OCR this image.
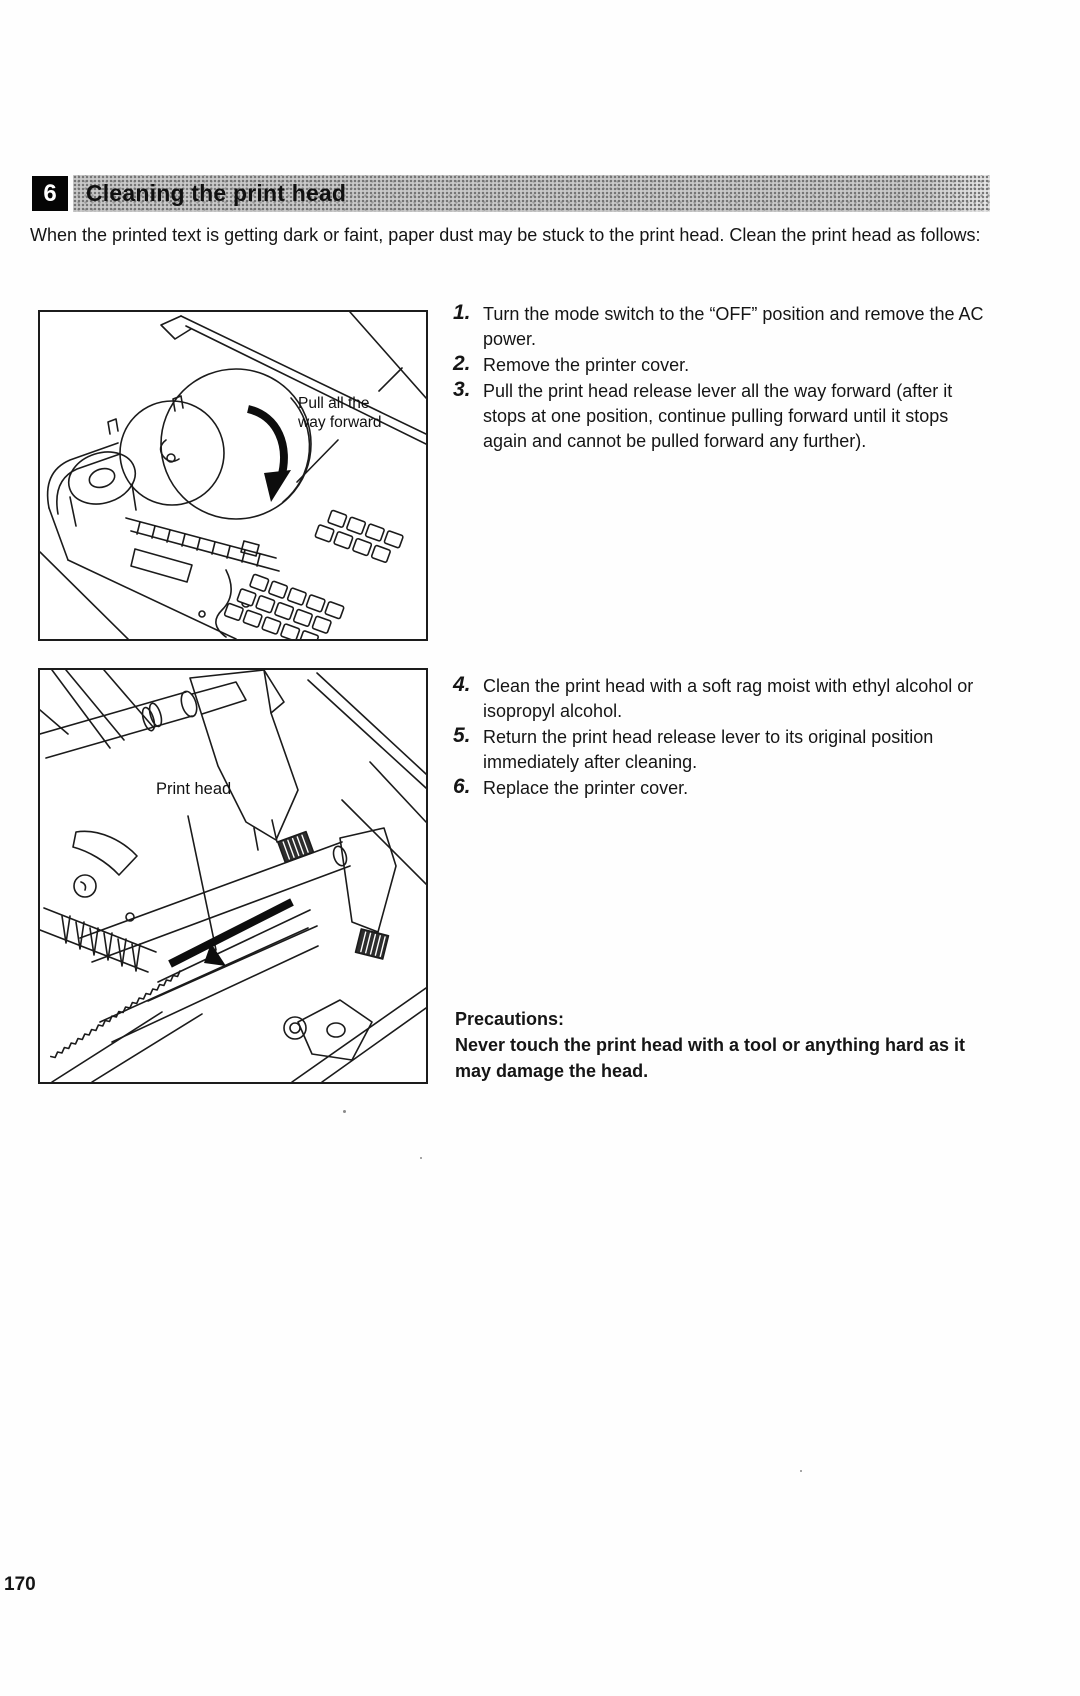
6	Cleaning the print head
When the printed text is getting dark or faint, paper dust may be stuck to the print head. Clean the print head as follows:
Pull all the
way forward
Print head
1. Turn the mode switch to the “OFF” position and remove the AC power.
2. Remove the printer cover.
3. Pull the print head release lever all the way forward (after it stops at one position, continue pulling forward until it stops again and cannot be pulled forward any further).
4. Clean the print head with a soft rag moist with ethyl alcohol or isopropyl alcohol.
5. Return the print head release lever to its original position immediately after cleaning.
6. Replace the printer cover.
Precautions:
Never touch the print head with a tool or anything hard as it may damage the head.
170
